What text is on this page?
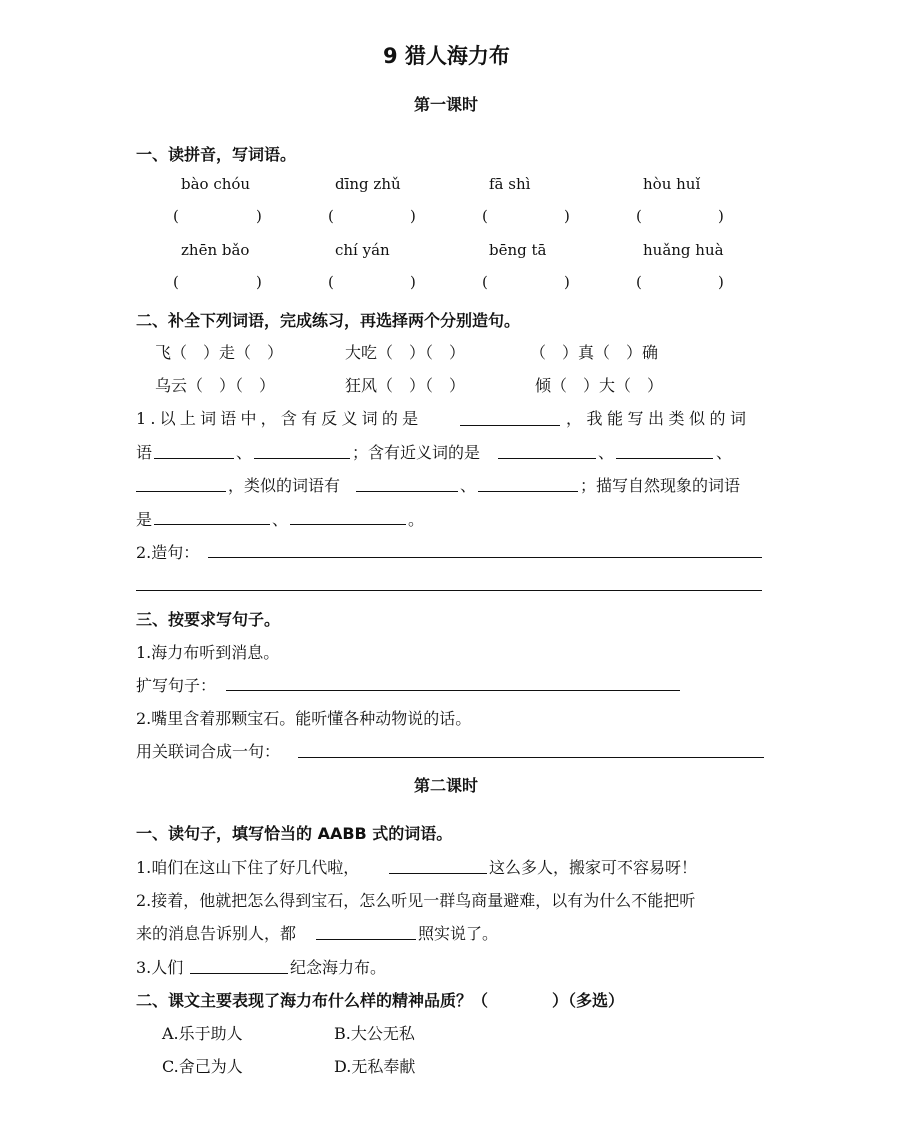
9 猎人海力布
第一课时
一、读拼音，写词语。
bào chóu	dīng zhǔ	fā shì	hòu huǐ
(	)	(	)	(	)	(	)
zhēn bǎo	chí yán	bēng tā	huǎng huà
(	)	(	)	(	)	(	)
二、补全下列词语，完成练习，再选择两个分别造句。
飞（　）走（　）	大吃（　）（　）	（　）真（　）确
乌云（　）（　）	狂风（　）（　）	倾（　）大（　）
1.以上词语中，含有反义词的是	，我能写出类似的词
语	、	；含有近义词的是	、	、
，类似的词语有	、	；描写自然现象的词语
是	、	。
2.造句：
三、按要求写句子。
1.海力布听到消息。
扩写句子：
2.嘴里含着那颗宝石。能听懂各种动物说的话。
用关联词合成一句：
第二课时
一、读句子，填写恰当的 AABB 式的词语。
1.咱们在这山下住了好几代啦，	这么多人，搬家可不容易呀！
2.接着，他就把怎么得到宝石，怎么听见一群鸟商量避难，以有为什么不能把听
来的消息告诉别人，都	照实说了。
3.人们	纪念海力布。
二、课文主要表现了海力布什么样的精神品质？（　　　　）（多选）
A.乐于助人	B.大公无私
C.舍己为人	D.无私奉献
